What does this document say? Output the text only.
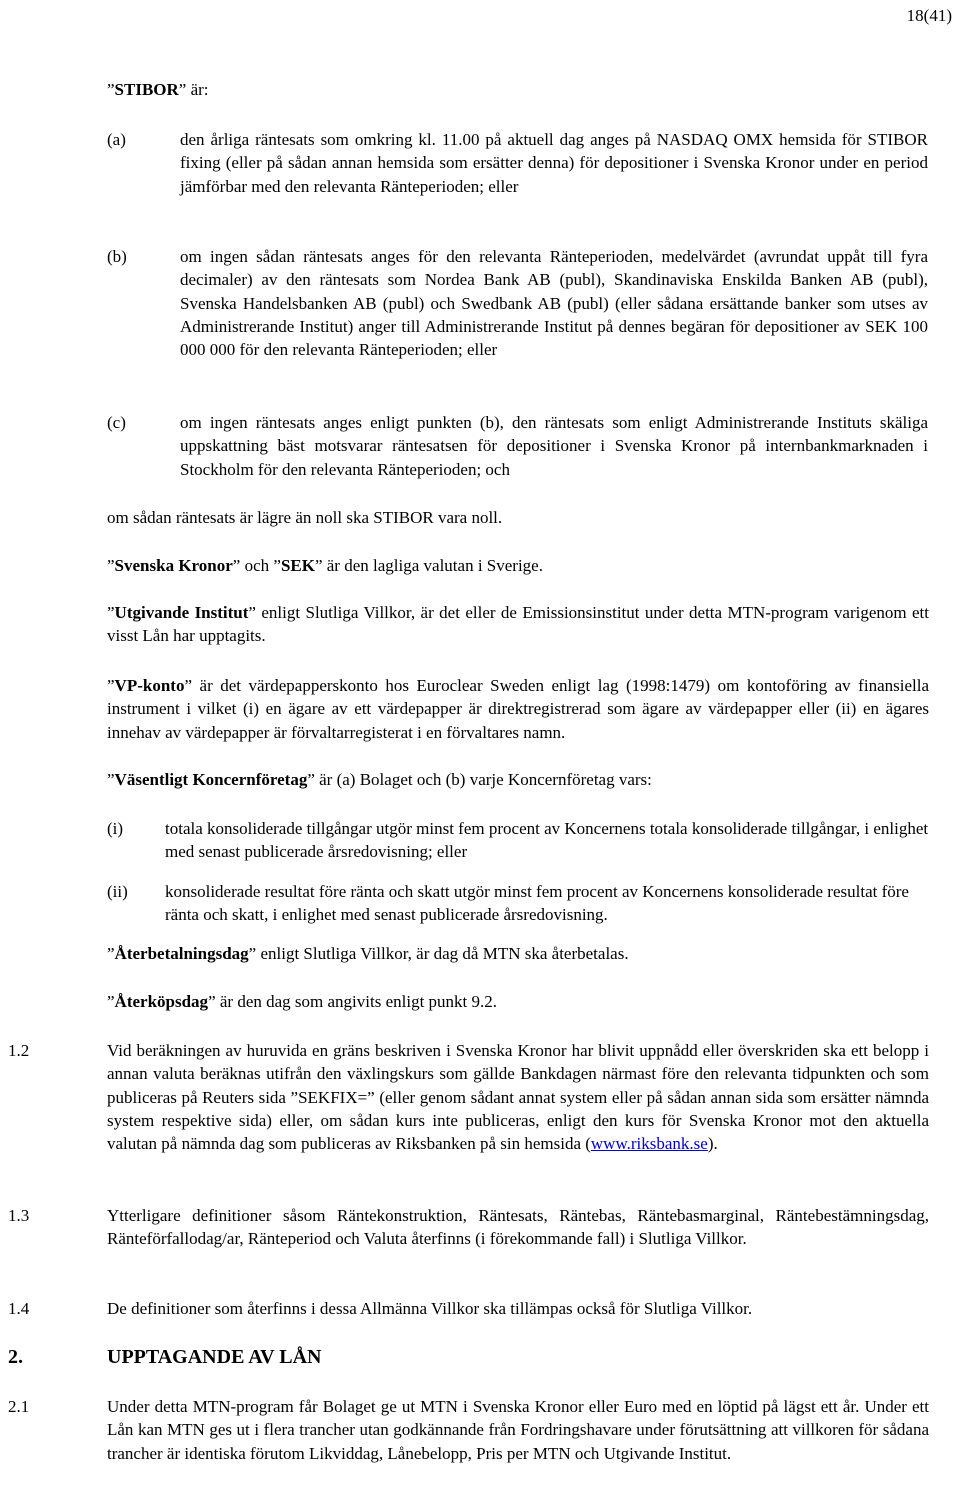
18(41)
”STIBOR” är:
(a)	den årliga räntesats som omkring kl. 11.00 på aktuell dag anges på NASDAQ OMX hemsida för STIBOR fixing (eller på sådan annan hemsida som ersätter denna) för depositioner i Svenska Kronor under en period jämförbar med den relevanta Ränteperioden; eller
(b)	om ingen sådan räntesats anges för den relevanta Ränteperioden, medelvärdet (avrundat uppåt till fyra decimaler) av den räntesats som Nordea Bank AB (publ), Skandinaviska Enskilda Banken AB (publ), Svenska Handelsbanken AB (publ) och Swedbank AB (publ) (eller sådana ersättande banker som utses av Administrerande Institut) anger till Administrerande Institut på dennes begäran för depositioner av SEK 100 000 000 för den relevanta Ränteperioden; eller
(c)	om ingen räntesats anges enligt punkten (b), den räntesats som enligt Administrerande Instituts skäliga uppskattning bäst motsvarar räntesatsen för depositioner i Svenska Kronor på internbankmarknaden i Stockholm för den relevanta Ränteperioden; och
om sådan räntesats är lägre än noll ska STIBOR vara noll.
”Svenska Kronor” och ”SEK” är den lagliga valutan i Sverige.
”Utgivande Institut” enligt Slutliga Villkor, är det eller de Emissionsinstitut under detta MTN-program varigenom ett visst Lån har upptagits.
”VP-konto” är det värdepapperskonto hos Euroclear Sweden enligt lag (1998:1479) om kontoföring av finansiella instrument i vilket (i) en ägare av ett värdepapper är direktregistrerad som ägare av värdepapper eller (ii) en ägares innehav av värdepapper är förvaltarregisterat i en förvaltares namn.
”Väsentligt Koncernföretag” är (a) Bolaget och (b) varje Koncernföretag vars:
(i) totala konsoliderade tillgångar utgör minst fem procent av Koncernens totala konsoliderade tillgångar, i enlighet med senast publicerade årsredovisning; eller
(ii) konsoliderade resultat före ränta och skatt utgör minst fem procent av Koncernens konsoliderade resultat före ränta och skatt, i enlighet med senast publicerade årsredovisning.
”Återbetalningsdag” enligt Slutliga Villkor, är dag då MTN ska återbetalas.
”Återköpsdag” är den dag som angivits enligt punkt 9.2.
1.2	Vid beräkningen av huruvida en gräns beskriven i Svenska Kronor har blivit uppnådd eller överskriden ska ett belopp i annan valuta beräknas utifrån den växlingskurs som gällde Bankdagen närmast före den relevanta tidpunkten och som publiceras på Reuters sida ”SEKFIX=” (eller genom sådant annat system eller på sådan annan sida som ersätter nämnda system respektive sida) eller, om sådan kurs inte publiceras, enligt den kurs för Svenska Kronor mot den aktuella valutan på nämnda dag som publiceras av Riksbanken på sin hemsida (www.riksbank.se).
1.3	Ytterligare definitioner såsom Räntekonstruktion, Räntesats, Räntebas, Räntebasmarginal, Räntebestämningsdag, Ränteförfallodag/ar, Ränteperiod och Valuta återfinns (i förekommande fall) i Slutliga Villkor.
1.4	De definitioner som återfinns i dessa Allmänna Villkor ska tillämpas också för Slutliga Villkor.
2.	UPPTAGANDE AV LÅN
2.1	Under detta MTN-program får Bolaget ge ut MTN i Svenska Kronor eller Euro med en löptid på lägst ett år. Under ett Lån kan MTN ges ut i flera trancher utan godkännande från Fordringshavare under förutsättning att villkoren för sådana trancher är identiska förutom Likviddag, Lånebelopp, Pris per MTN och Utgivande Institut.
